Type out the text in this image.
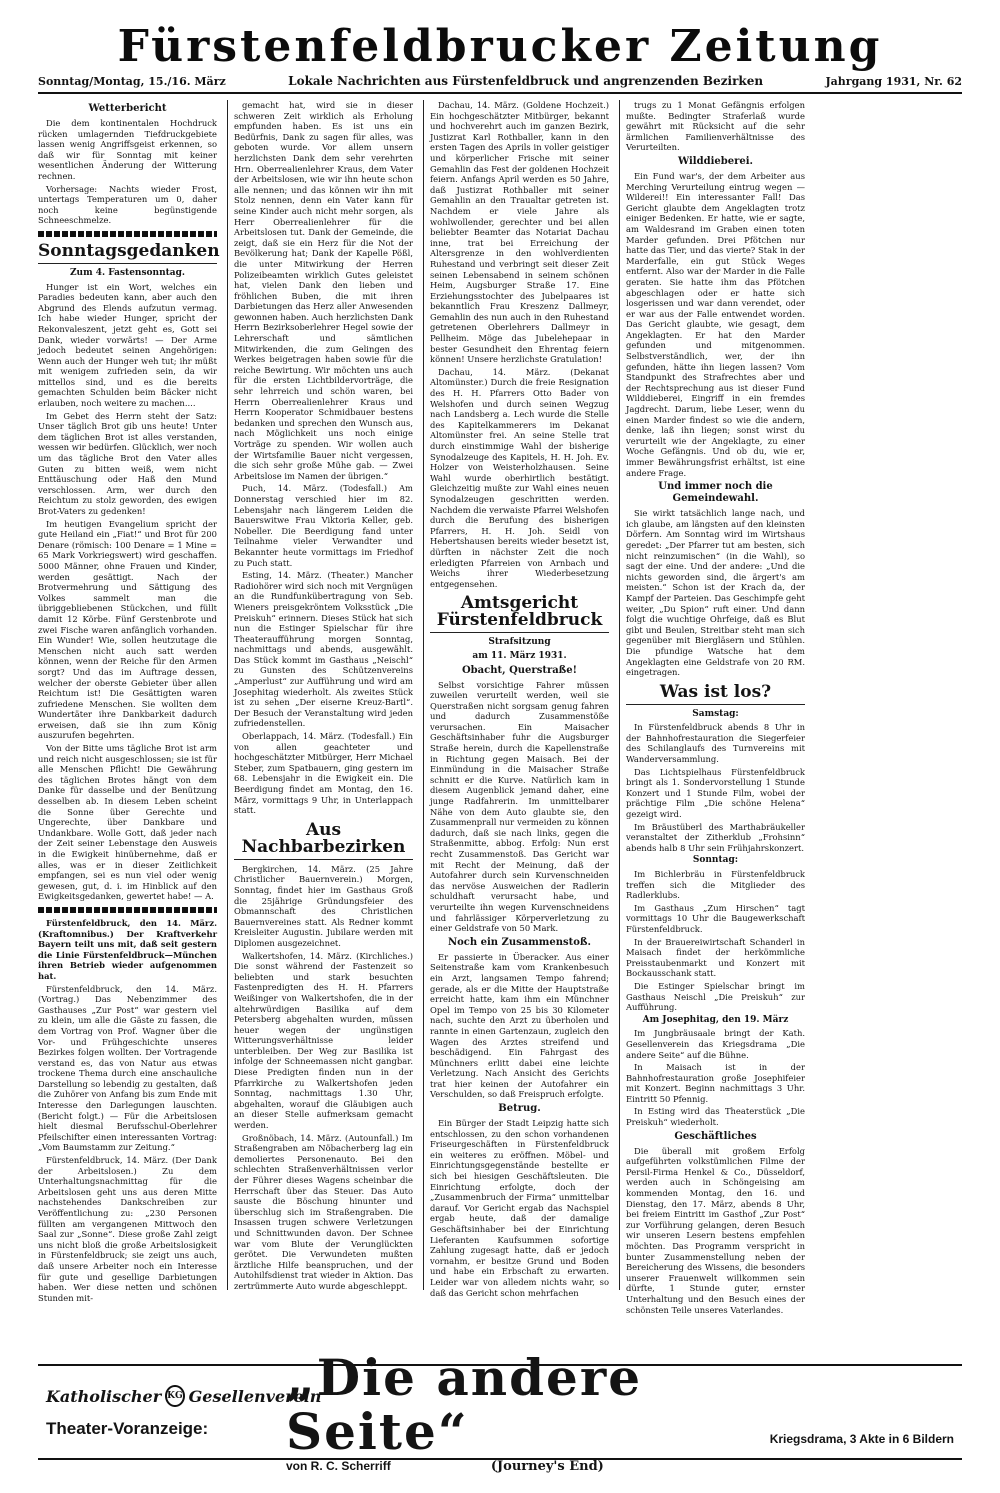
Fürstenfeldbrucker Zeitung
Sonntag/Montag, 15./16. März	Lokale Nachrichten aus Fürstenfeldbruck und angrenzenden Bezirken	Jahrgang 1931, Nr. 62
Wetterbericht

Die dem kontinentalen Hochdruck rücken umlagernden Tiefdruckgebiete lassen wenig Angriffsgeist erkennen, so daß wir für Sonntag mit keiner wesentlichen Änderung der Witterung rechnen.

Vorhersage: Nachts wieder Frost, untertags Temperaturen um 0, daher noch keine begünstigende Schneeschmelze.

Sonntagsgedanken
Zum 4. Fastensonntag.

Hunger ist ein Wort, welches ein Paradies bedeuten kann, aber auch den Abgrund des Elends aufzutun vermag. Ich habe wieder Hunger, spricht der Rekonvaleszent, jetzt geht es, Gott sei Dank, wieder vorwärts! — Der Arme jedoch bedeutet seinen Angehörigen: Wenn auch der Hunger weh tut; ihr müßt mit wenigem zufrieden sein, da wir mittellos sind, und es die bereits gemachten Schulden beim Bäcker nicht erlauben, noch weitere zu machen....

Im Gebet des Herrn steht der Satz: Unser täglich Brot gib uns heute! Unter dem täglichen Brot ist alles verstanden, wessen wir bedürfen. Glücklich, wer noch um das tägliche Brot den Vater alles Guten zu bitten weiß, wem nicht Enttäuschung oder Haß den Mund verschlossen. Arm, wer durch den Reichtum zu stolz geworden, des ewigen Brot-Vaters zu gedenken!

Im heutigen Evangelium spricht der gute Heiland ein „Fiat!“ und Brot für 200 Denare (römisch: 100 Denare = 1 Mine = 65 Mark Vorkriegswert) wird geschaffen. 5000 Männer, ohne Frauen und Kinder, werden gesättigt. Nach der Brotvermehrung und Sättigung des Volkes sammelt man die übriggebliebenen Stückchen, und füllt damit 12 Körbe. Fünf Gerstenbrote und zwei Fische waren anfänglich vorhanden. Ein Wunder! Wie, sollen heutzutage die Menschen nicht auch satt werden können, wenn der Reiche für den Armen sorgt? Und das im Auftrage dessen, welcher der oberste Gebieter über allen Reichtum ist! Die Gesättigten waren zufriedene Menschen. Sie wollten dem Wundertäter ihre Dankbarkeit dadurch erweisen, daß sie ihn zum König auszurufen begehrten.

Von der Bitte ums tägliche Brot ist arm und reich nicht ausgeschlossen; sie ist für alle Menschen Pflicht! Die Gewährung des täglichen Brotes hängt von dem Danke für dasselbe und der Benützung desselben ab. In diesem Leben scheint die Sonne über Gerechte und Ungerechte, über Dankbare und Undankbare. Wolle Gott, daß jeder nach der Zeit seiner Lebenstage den Ausweis in die Ewigkeit hinübernehme, daß er alles, was er in dieser Zeitlichkeit empfangen, sei es nun viel oder wenig gewesen, gut, d. i. im Hinblick auf den Ewigkeitsgedanken, gewertet habe! — A.

Fürstenfeldbruck, den 14. März. (Kraftomnibus.) Der Kraftverkehr Bayern teilt uns mit, daß seit gestern die Linie Fürstenfeldbruck—München ihren Betrieb wieder aufgenommen hat.

Fürstenfeldbruck, den 14. März. (Vortrag.) Das Nebenzimmer des Gasthauses „Zur Post“ war gestern viel zu klein, um alle die Gäste zu fassen, die dem Vortrag von Prof. Wagner über die Vor- und Frühgeschichte unseres Bezirkes folgen wollten. Der Vortragende verstand es, das von Natur aus etwas trockene Thema durch eine anschauliche Darstellung so lebendig zu gestalten, daß die Zuhörer von Anfang bis zum Ende mit Interesse den Darlegungen lauschten. (Bericht folgt.) — Für die Arbeitslosen hielt diesmal Berufsschul-Oberlehrer Pfeilschifter einen interessanten Vortrag: „Vom Baumstamm zur Zeitung.“

Fürstenfeldbruck, 14. März. (Der Dank der Arbeitslosen.) Zu dem Unterhaltungsnachmittag für die Arbeitslosen geht uns aus deren Mitte nachstehendes Dankschreiben zur Veröffentlichung zu: „230 Personen füllten am vergangenen Mittwoch den Saal zur „Sonne“. Diese große Zahl zeigt uns nicht bloß die große Arbeitslosigkeit in Fürstenfeldbruck; sie zeigt uns auch, daß unsere Arbeiter noch ein Interesse für gute und gesellige Darbietungen haben. Wer diese netten und schönen Stunden mit-

gemacht hat, wird sie in dieser schweren Zeit wirklich als Erholung empfunden haben. Es ist uns ein Bedürfnis, Dank zu sagen für alles, was geboten wurde. Vor allem unsern herzlichsten Dank dem sehr verehrten Hrn. Oberrealienlehrer Kraus, dem Vater der Arbeitslosen, wie wir ihn heute schon alle nennen; und das können wir ihn mit Stolz nennen, denn ein Vater kann für seine Kinder auch nicht mehr sorgen, als Herr Oberrealienlehrer für die Arbeitslosen tut. Dank der Gemeinde, die zeigt, daß sie ein Herz für die Not der Bevölkerung hat; Dank der Kapelle Pößl, die unter Mitwirkung der Herren Polizeibeamten wirklich Gutes geleistet hat, vielen Dank den lieben und fröhlichen Buben, die mit ihren Darbietungen das Herz aller Anwesenden gewonnen haben. Auch herzlichsten Dank Herrn Bezirksoberlehrer Hegel sowie der Lehrerschaft und sämtlichen Mitwirkenden, die zum Gelingen des Werkes beigetragen haben sowie für die reiche Bewirtung. Wir möchten uns auch für die ersten Lichtbildervorträge, die sehr lehrreich und schön waren, bei Herrn Oberrealienlehrer Kraus und Herrn Kooperator Schmidbauer bestens bedanken und sprechen den Wunsch aus, nach Möglichkeit uns noch einige Vorträge zu spenden. Wir wollen auch der Wirtsfamilie Bauer nicht vergessen, die sich sehr große Mühe gab. — Zwei Arbeitslose im Namen der übrigen.“

Puch, 14. März. (Todesfall.) Am Donnerstag verschied hier im 82. Lebensjahr nach längerem Leiden die Bauerswitwe Frau Viktoria Keller, geb. Nobeller. Die Beerdigung fand unter Teilnahme vieler Verwandter und Bekannter heute vormittags im Friedhof zu Puch statt.

Esting, 14. März. (Theater.) Mancher Radiohörer wird sich noch mit Vergnügen an die Rundfunkübertragung von Seb. Wieners preisgekröntem Volksstück „Die Preiskuh“ erinnern. Dieses Stück hat sich nun die Estinger Spielschar für ihre Theateraufführung morgen Sonntag, nachmittags und abends, ausgewählt. Das Stück kommt im Gasthaus „Neischl“ zu Gunsten des Schützenvereins „Amperlust“ zur Aufführung und wird am Josephitag wiederholt. Als zweites Stück ist zu sehen „Der eiserne Kreuz-Bartl“. Der Besuch der Veranstaltung wird jeden zufriedenstellen.

Oberlappach, 14. März. (Todesfall.) Ein von allen geachteter und hochgeschätzter Mitbürger, Herr Michael Steber, zum Spatbauern, ging gestern im 68. Lebensjahr in die Ewigkeit ein. Die Beerdigung findet am Montag, den 16. März, vormittags 9 Uhr, in Unterlappach statt.

Aus Nachbarbezirken

Bergkirchen, 14. März. (25 Jahre Christlicher Bauernverein.) Morgen, Sonntag, findet hier im Gasthaus Groß die 25jährige Gründungsfeier des Obmannschaft des Christlichen Bauernvereines statt. Als Redner kommt Kreisleiter Augustin. Jubilare werden mit Diplomen ausgezeichnet.

Walkertshofen, 14. März. (Kirchliches.) Die sonst während der Fastenzeit so beliebten und stark besuchten Fastenpredigten des H. H. Pfarrers Weißinger von Walkertshofen, die in der altehrwürdigen Basilika auf dem Petersberg abgehalten wurden, müssen heuer wegen der ungünstigen Witterungsverhältnisse leider unterbleiben. Der Weg zur Basilika ist infolge der Schneemassen nicht gangbar. Diese Predigten finden nun in der Pfarrkirche zu Walkertshofen jeden Sonntag, nachmittags 1.30 Uhr, abgehalten, worauf die Gläubigen auch an dieser Stelle aufmerksam gemacht werden.

Großnöbach, 14. März. (Autounfall.) Im Straßengraben am Nöbacherberg lag ein demoliertes Personenauto. Bei den schlechten Straßenverhältnissen verlor der Führer dieses Wagens scheinbar die Herrschaft über das Steuer. Das Auto sauste die Böschung hinunter und überschlug sich im Straßengraben. Die Insassen trugen schwere Verletzungen und Schnittwunden davon. Der Schnee war vom Blute der Verunglückten gerötet. Die Verwundeten mußten ärztliche Hilfe beanspruchen, und der Autohilfsdienst trat wieder in Aktion. Das zertrümmerte Auto wurde abgeschleppt.

Dachau, 14. März. (Goldene Hochzeit.) Ein hochgeschätzter Mitbürger, bekannt und hochverehrt auch im ganzen Bezirk, Justizrat Karl Rothballer, kann in den ersten Tagen des Aprils in voller geistiger und körperlicher Frische mit seiner Gemahlin das Fest der goldenen Hochzeit feiern. Anfangs April werden es 50 Jahre, daß Justizrat Rothballer mit seiner Gemahlin an den Traualtar getreten ist. Nachdem er viele Jahre als wohlwollender, gerechter und bei allen beliebter Beamter das Notariat Dachau inne, trat bei Erreichung der Altersgrenze in den wohlverdienten Ruhestand und verbringt seit dieser Zeit seinen Lebensabend in seinem schönen Heim, Augsburger Straße 17. Eine Erziehungsstochter des Jubelpaares ist bekanntlich Frau Kreszenz Dallmeyr, Gemahlin des nun auch in den Ruhestand getretenen Oberlehrers Dallmeyr in Pellheim. Möge das Jubelehepaar in bester Gesundheit den Ehrentag feiern können! Unsere herzlichste Gratulation!

Dachau, 14. März. (Dekanat Altomünster.) Durch die freie Resignation des H. H. Pfarrers Otto Bader von Welshofen und durch seinen Wegzug nach Landsberg a. Lech wurde die Stelle des Kapitelkammerers im Dekanat Altomünster frei. An seine Stelle trat durch einstimmige Wahl der bisherige Synodalzeuge des Kapitels, H. H. Joh. Ev. Holzer von Weisterholzhausen. Seine Wahl wurde oberhirtlich bestätigt. Gleichzeitig mußte zur Wahl eines neuen Synodalzeugen geschritten werden. Nachdem die verwaiste Pfarrei Welshofen durch die Berufung des bisherigen Pfarrers, H. H. Joh. Seidl von Hebertshausen bereits wieder besetzt ist, dürften in nächster Zeit die noch erledigten Pfarreien von Arnbach und Weichs ihrer Wiederbesetzung entgegensehen.

Amtsgericht Fürstenfeldbruck
Strafsitzung
am 11. März 1931.
Obacht, Querstraße!

Selbst vorsichtige Fahrer müssen zuweilen verurteilt werden, weil sie Querstraßen nicht sorgsam genug fahren und dadurch Zusammenstöße verursachen. Ein Maisacher Geschäftsinhaber fuhr die Augsburger Straße herein, durch die Kapellenstraße in Richtung gegen Maisach. Bei der Einmündung in die Maisacher Straße schnitt er die Kurve. Natürlich kam in diesem Augenblick jemand daher, eine junge Radfahrerin. Im unmittelbarer Nähe von dem Auto glaubte sie, den Zusammenprall nur vermeiden zu können dadurch, daß sie nach links, gegen die Straßenmitte, abbog. Erfolg: Nun erst recht Zusammenstoß. Das Gericht war mit Recht der Meinung, daß der Autofahrer durch sein Kurvenschneiden das nervöse Ausweichen der Radlerin schuldhaft verursacht habe, und verurteilte ihn wegen Kurvenschneidens und fahrlässiger Körperverletzung zu einer Geldstrafe von 50 Mark.

Noch ein Zusammenstoß.

Er passierte in Überacker. Aus einer Seitenstraße kam vom Krankenbesuch ein Arzt, langsamen Tempo fahrend; gerade, als er die Mitte der Hauptstraße erreicht hatte, kam ihm ein Münchner Opel im Tempo von 25 bis 30 Kilometer nach, suchte den Arzt zu überholen und rannte in einen Gartenzaun, zugleich den Wagen des Arztes streifend und beschädigend. Ein Fahrgast des Münchners erlitt dabei eine leichte Verletzung. Nach Ansicht des Gerichts trat hier keinen der Autofahrer ein Verschulden, so daß Freispruch erfolgte.

Betrug.

Ein Bürger der Stadt Leipzig hatte sich entschlossen, zu den schon vorhandenen Friseurgeschäften in Fürstenfeldbruck ein weiteres zu eröffnen. Möbel- und Einrichtungsgegenstände bestellte er sich bei hiesigen Geschäftsleuten. Die Einrichtung erfolgte, doch der „Zusammenbruch der Firma“ unmittelbar darauf. Vor Gericht ergab das Nachspiel ergab heute, daß der damalige Geschäftsinhaber bei der Einrichtung Lieferanten Kaufsummen sofortige Zahlung zugesagt hatte, daß er jedoch vornahm, er besitze Grund und Boden und habe ein Erbschaft zu erwarten. Leider war von alledem nichts wahr, so daß das Gericht schon mehrfachen

trugs zu 1 Monat Gefängnis erfolgen mußte. Bedingter Straferlaß wurde gewährt mit Rücksicht auf die sehr ärmlichen Familienverhältnisse des Verurteilten.

Wilddieberei.

Ein Fund war's, der dem Arbeiter aus Merching Verurteilung eintrug wegen — Wilderei!! Ein interessanter Fall! Das Gericht glaubte dem Angeklagten trotz einiger Bedenken. Er hatte, wie er sagte, am Waldesrand im Graben einen toten Marder gefunden. Drei Pfötchen nur hatte das Tier, und das vierte? Stak in der Marderfalle, ein gut Stück Weges entfernt. Also war der Marder in die Falle geraten. Sie hatte ihm das Pfötchen abgeschlagen oder er hatte sich losgerissen und war dann verendet, oder er war aus der Falle entwendet worden. Das Gericht glaubte, wie gesagt, dem Angeklagten. Er hat den Marder gefunden und mitgenommen. Selbstverständlich, wer, der ihn gefunden, hätte ihn liegen lassen? Vom Standpunkt des Strafrechtes aber und der Rechtsprechung aus ist dieser Fund Wilddieberei, Eingriff in ein fremdes Jagdrecht. Darum, liebe Leser, wenn du einen Marder findest so wie die andern, denke, laß ihn liegen; sonst wirst du verurteilt wie der Angeklagte, zu einer Woche Gefängnis. Und ob du, wie er, immer Bewährungsfrist erhältst, ist eine andere Frage.

Und immer noch die Gemeindewahl.

Sie wirkt tatsächlich lange nach, und ich glaube, am längsten auf den kleinsten Dörfern. Am Sonntag wird im Wirtshaus geredet: „Der Pfarrer tut am besten, sich nicht reinzumischen“ (in die Wahl), so sagt der eine. Und der andere: „Und die nichts geworden sind, die ärgert's am meisten.“ Schon ist der Krach da, der Kampf der Parteien. Das Geschimpfe geht weiter, „Du Spion“ ruft einer. Und dann folgt die wuchtige Ohrfeige, daß es Blut gibt und Beulen, Streitbar steht man sich gegenüber mit Biergläsern und Stühlen. Die pfundige Watsche hat dem Angeklagten eine Geldstrafe von 20 RM. eingetragen.

Was ist los?
Samstag:

In Fürstenfeldbruck abends 8 Uhr in der Bahnhofrestauration die Siegerfeier des Schilanglaufs des Turnvereins mit Wanderversammlung.

Das Lichtspielhaus Fürstenfeldbruck bringt als 1. Sondervorstellung 1 Stunde Konzert und 1 Stunde Film, wobei der prächtige Film „Die schöne Helena“ gezeigt wird.

Im Bräustüberl des Marthabräukeller veranstaltet der Zitherklub „Frohsinn“ abends halb 8 Uhr sein Frühjahrskonzert.

Sonntag:

Im Bichlerbräu in Fürstenfeldbruck treffen sich die Mitglieder des Radlerklubs.

Im Gasthaus „Zum Hirschen“ tagt vormittags 10 Uhr die Baugewerkschaft Fürstenfeldbruck.

In der Brauereiwirtschaft Schanderl in Maisach findet der herkömmliche Preisstaubenmarkt und Konzert mit Bockausschank statt.

Die Estinger Spielschar bringt im Gasthaus Neischl „Die Preiskuh“ zur Aufführung.

Am Josephitag, den 19. März

Im Jungbräusaale bringt der Kath. Gesellenverein das Kriegsdrama „Die andere Seite“ auf die Bühne.

In Maisach ist in der Bahnhofrestauration große Josephifeier mit Konzert. Beginn nachmittags 3 Uhr. Eintritt 50 Pfennig.

In Esting wird das Theaterstück „Die Preiskuh“ wiederholt.

Geschäftliches

Die überall mit großem Erfolg aufgeführten volkstümlichen Filme der Persil-Firma Henkel & Co., Düsseldorf, werden auch in Schöngeising am kommenden Montag, den 16. und Dienstag, den 17. März, abends 8 Uhr, bei freiem Eintritt im Gasthof „Zur Post“ zur Vorführung gelangen, deren Besuch wir unseren Lesern bestens empfehlen möchten. Das Programm verspricht in bunter Zusammenstellung neben der Bereicherung des Wissens, die besonders unserer Frauenwelt willkommen sein dürfte, 1 Stunde guter, ernster Unterhaltung und den Besuch eines der schönsten Teile unseres Vaterlandes.

Katholischer KG Gesellenverein
Theater-Voranzeige:
„Die andere Seite“
von R. C. Scherriff	(Journey's End)
Kriegsdrama, 3 Akte in 6 Bildern
